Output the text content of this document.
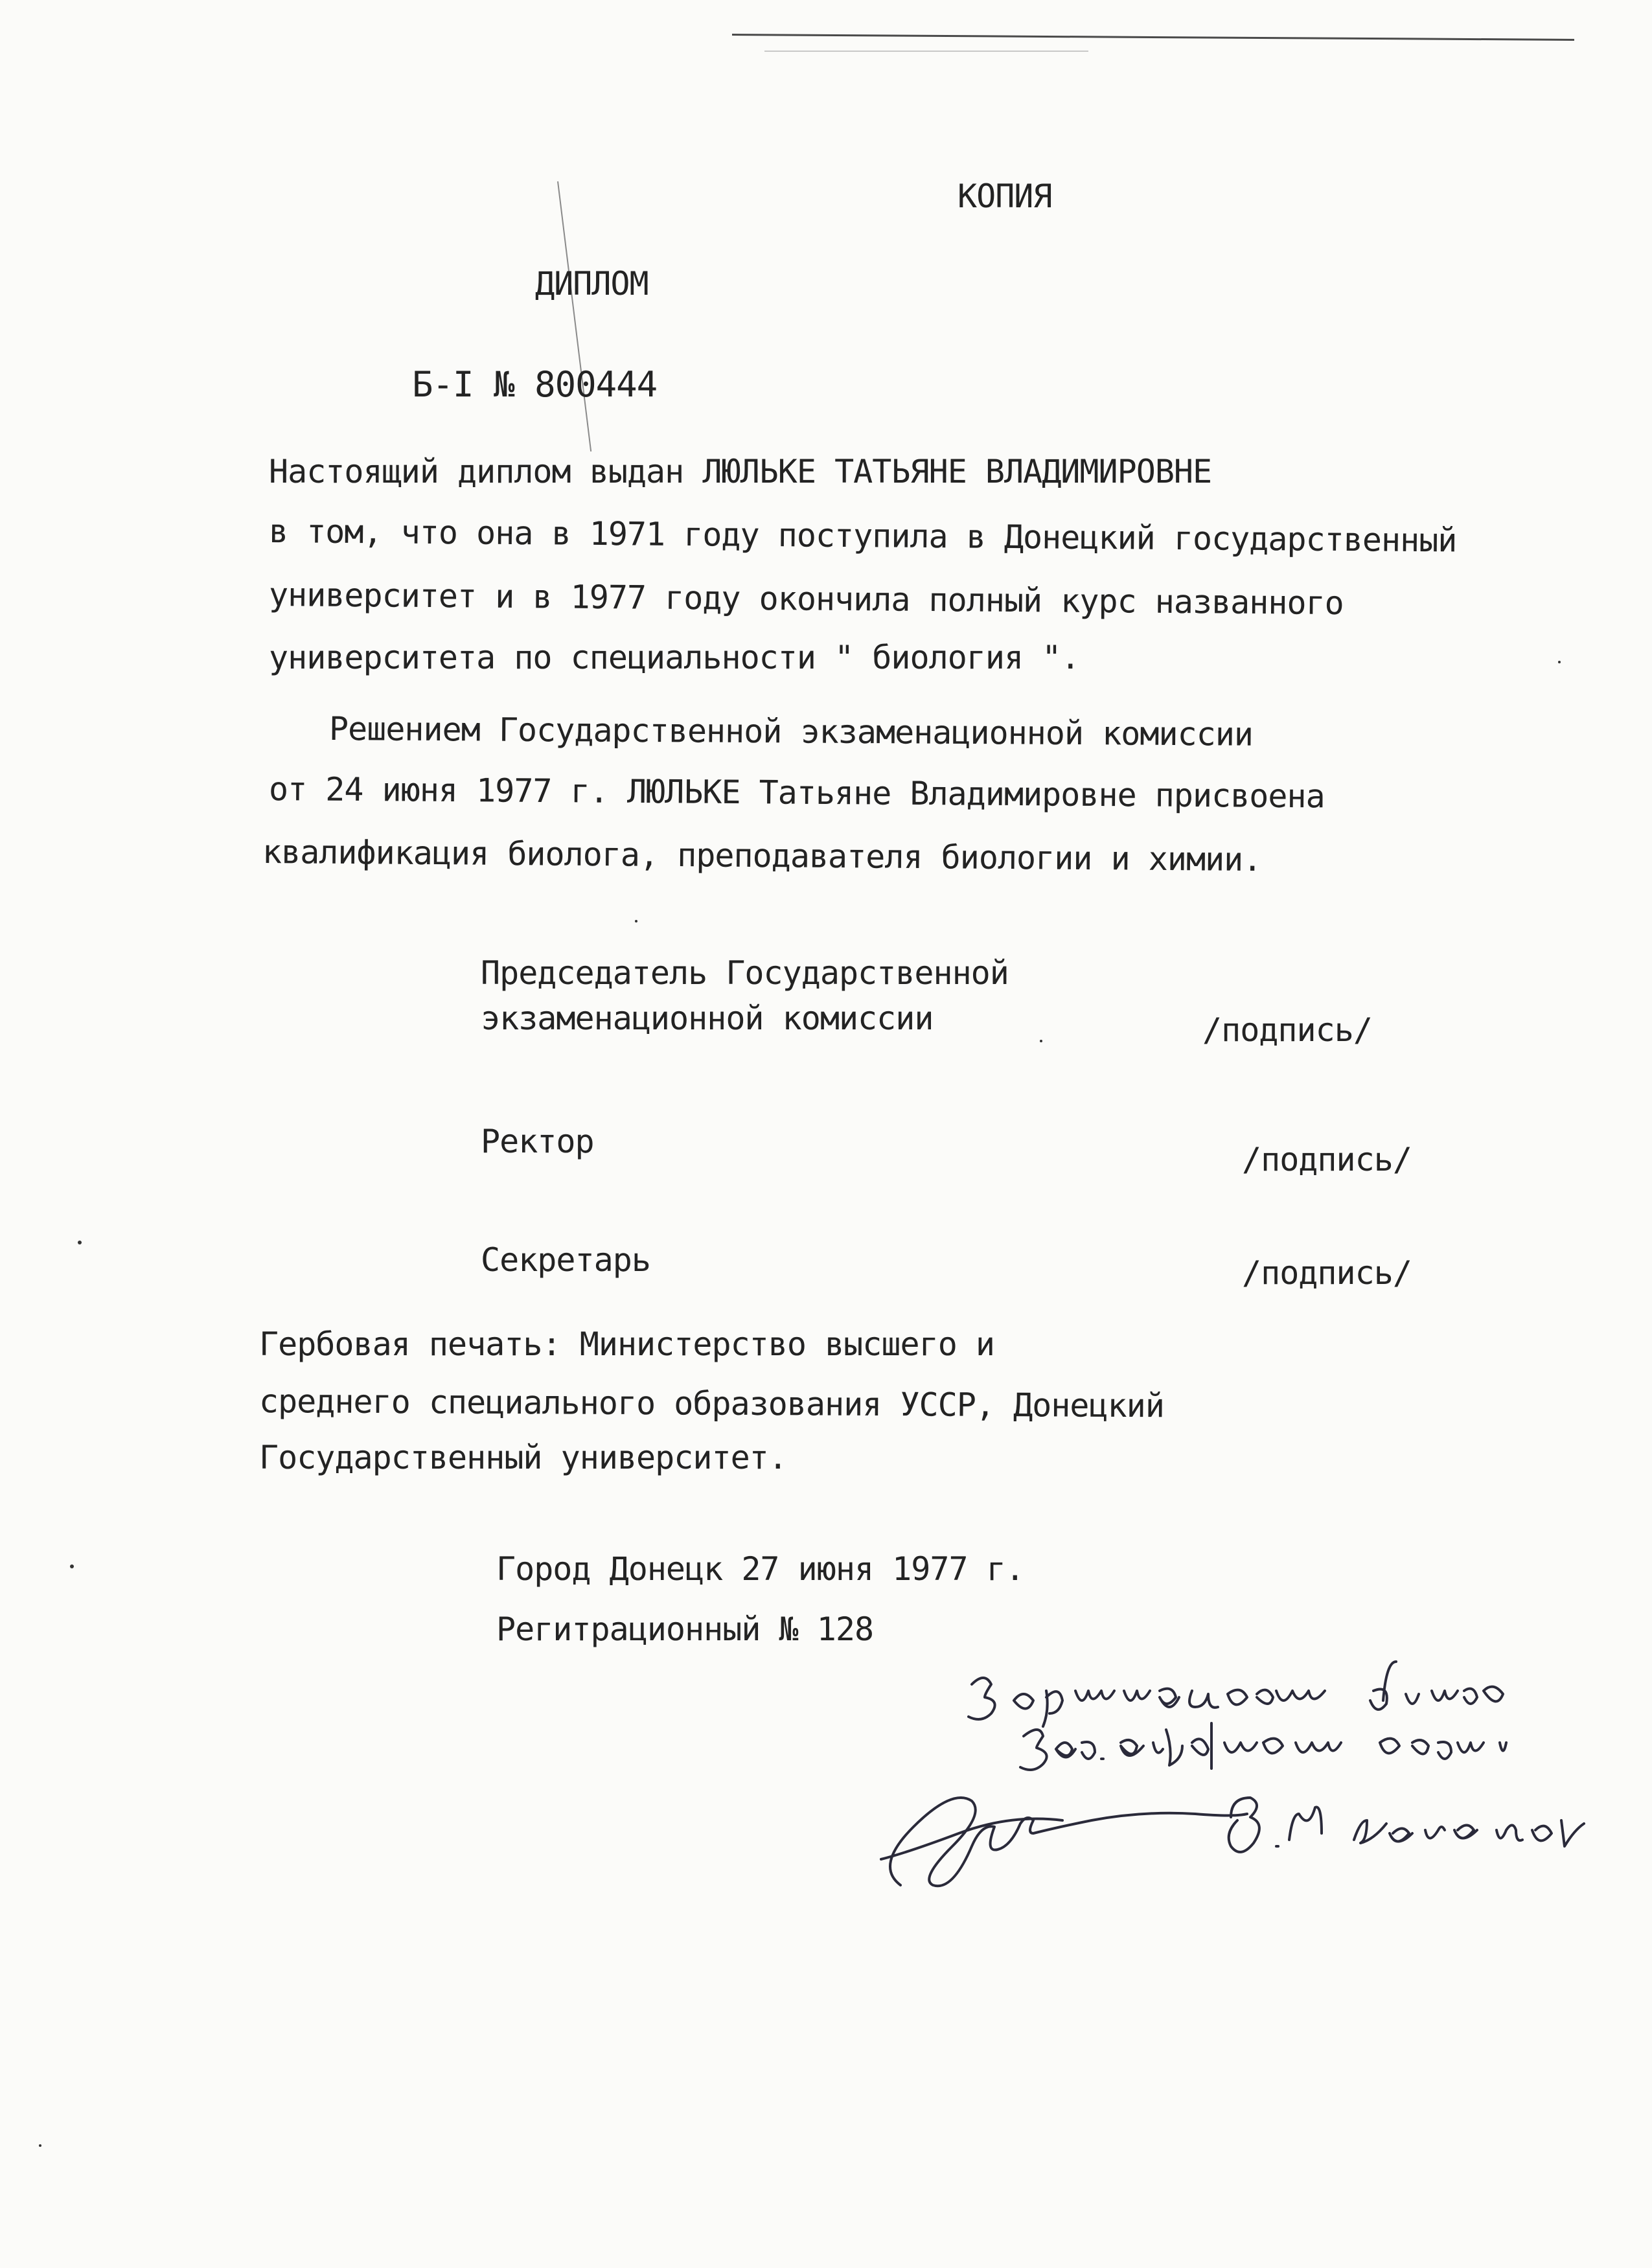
КОПИЯ
ДИПЛОМ
Б-I № 800444
Настоящий диплом выдан ЛЮЛЬКЕ ТАТЬЯНЕ ВЛАДИМИРОВНЕ
в том, что она в 1971 году поступила в Донецкий государственный
университет и в 1977 году окончила полный курс названного
университета по специальности " биология ".
Решением Государственной экзаменационной комиссии
от 24 июня 1977 г. ЛЮЛЬКЕ Татьяне Владимировне присвоена
квалификация биолога, преподавателя биологии и химии.
Председатель Государственной
экзаменационной комиссии	/подпись/
Ректор	/подпись/
Секретарь	/подпись/
Гербовая печать: Министерство высшего и
среднего специального образования УССР, Донецкий
Государственный университет.
Город Донецк 27 июня 1977 г.
Регитрационный № 128
